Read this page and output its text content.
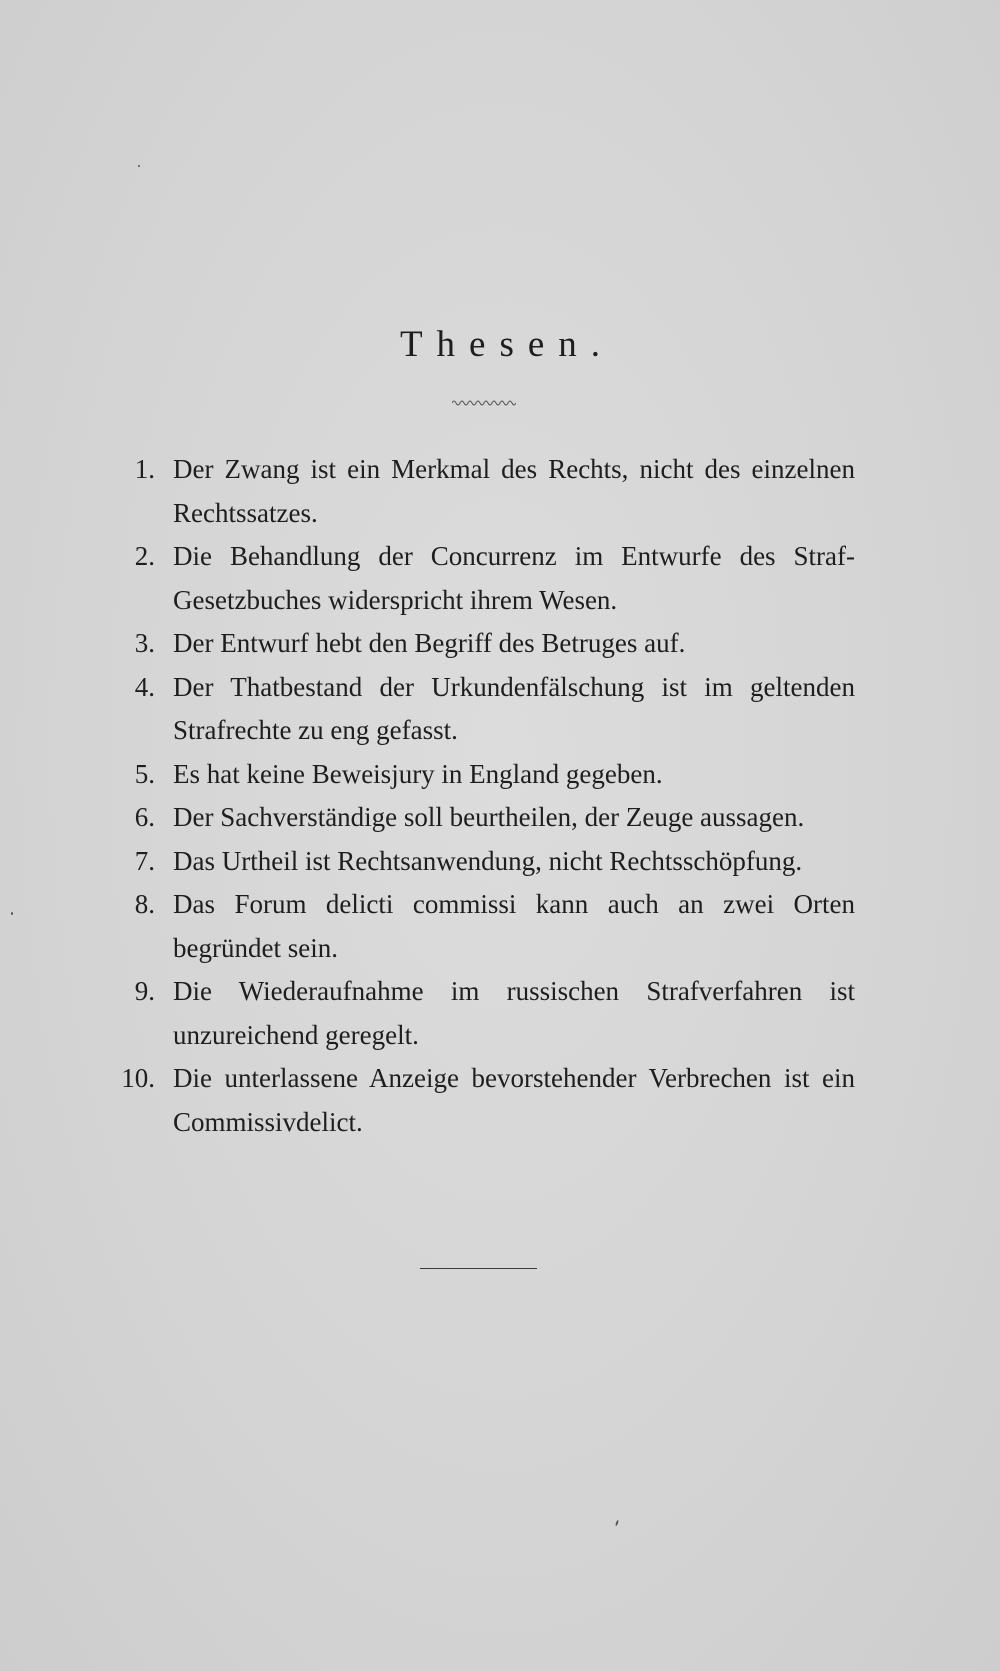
Thesen.
1. Der Zwang ist ein Merkmal des Rechts, nicht des einzelnen Rechtssatzes.
2. Die Behandlung der Concurrenz im Entwurfe des Straf-Gesetzbuches widerspricht ihrem Wesen.
3. Der Entwurf hebt den Begriff des Betruges auf.
4. Der Thatbestand der Urkundenfälschung ist im geltenden Strafrechte zu eng gefasst.
5. Es hat keine Beweisjury in England gegeben.
6. Der Sachverständige soll beurtheilen, der Zeuge aussagen.
7. Das Urtheil ist Rechtsanwendung, nicht Rechtsschöpfung.
8. Das Forum delicti commissi kann auch an zwei Orten begründet sein.
9. Die Wiederaufnahme im russischen Strafverfahren ist unzureichend geregelt.
10. Die unterlassene Anzeige bevorstehender Verbrechen ist ein Commissivdelict.
